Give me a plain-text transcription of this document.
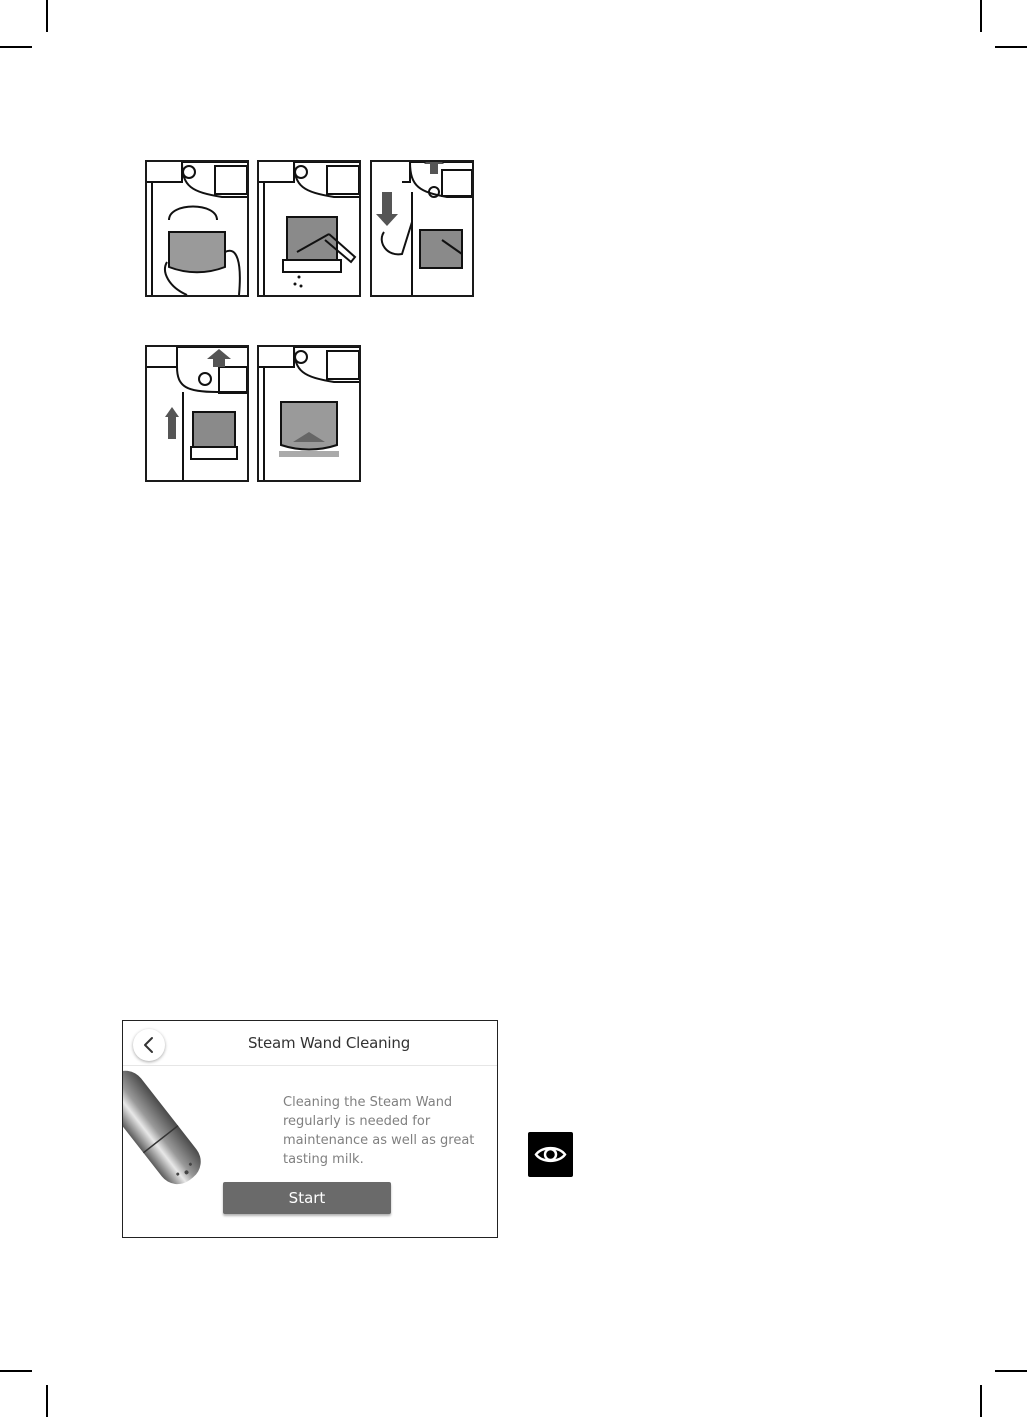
Steam Wand Cleaning
Cleaning the Steam Wand regularly is needed for maintenance as well as great tasting milk.
Start
